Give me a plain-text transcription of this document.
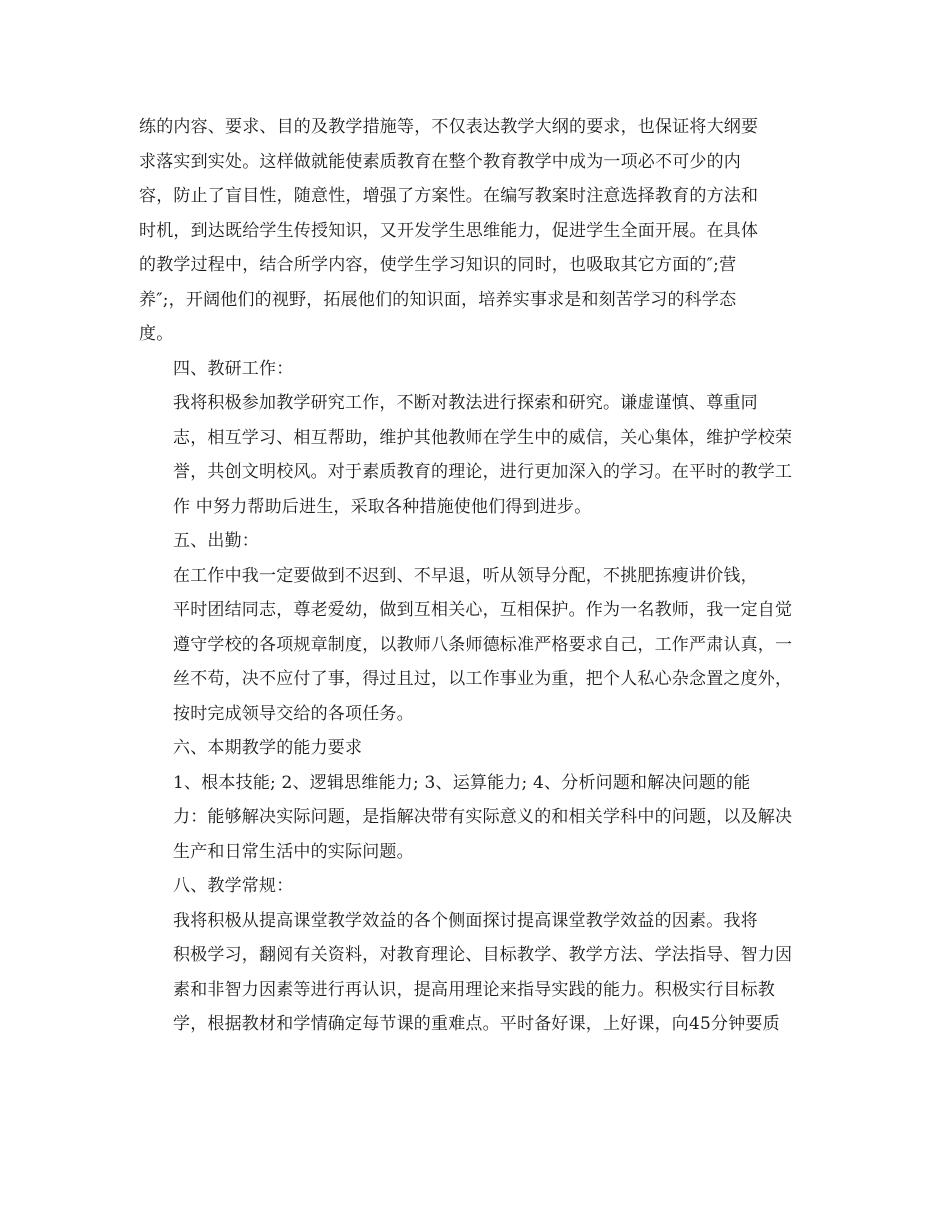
练的内容、要求、目的及教学措施等，不仅表达教学大纲的要求，也保证将大纲要
求落实到实处。这样做就能使素质教育在整个教育教学中成为一项必不可少的内
容，防止了盲目性，随意性，增强了方案性。在编写教案时注意选择教育的方法和
时机，到达既给学生传授知识，又开发学生思维能力，促进学生全面开展。在具体
的教学过程中，结合所学内容，使学生学习知识的同时，也吸取其它方面的″;营
养″;，开阔他们的视野，拓展他们的知识面，培养实事求是和刻苦学习的科学态
度。

四、教研工作：

我将积极参加教学研究工作，不断对教法进行探索和研究。谦虚谨慎、尊重同
志，相互学习、相互帮助，维护其他教师在学生中的威信，关心集体，维护学校荣
誉，共创文明校风。对于素质教育的理论，进行更加深入的学习。在平时的教学工
作 中努力帮助后进生，采取各种措施使他们得到进步。

五、出勤：

在工作中我一定要做到不迟到、不早退，听从领导分配，不挑肥拣瘦讲价钱，
平时团结同志，尊老爱幼，做到互相关心，互相保护。作为一名教师，我一定自觉
遵守学校的各项规章制度，以教师八条师德标准严格要求自己，工作严肃认真，一
丝不苟，决不应付了事，得过且过，以工作事业为重，把个人私心杂念置之度外，
按时完成领导交给的各项任务。

六、本期教学的能力要求

1、根本技能; 2、逻辑思维能力; 3、运算能力; 4、分析问题和解决问题的能
力：能够解决实际问题，是指解决带有实际意义的和相关学科中的问题，以及解决
生产和日常生活中的实际问题。

八、教学常规：

我将积极从提高课堂教学效益的各个侧面探讨提高课堂教学效益的因素。我将
积极学习，翻阅有关资料，对教育理论、目标教学、教学方法、学法指导、智力因
素和非智力因素等进行再认识，提高用理论来指导实践的能力。积极实行目标教
学，根据教材和学情确定每节课的重难点。平时备好课，上好课，向45分钟要质
